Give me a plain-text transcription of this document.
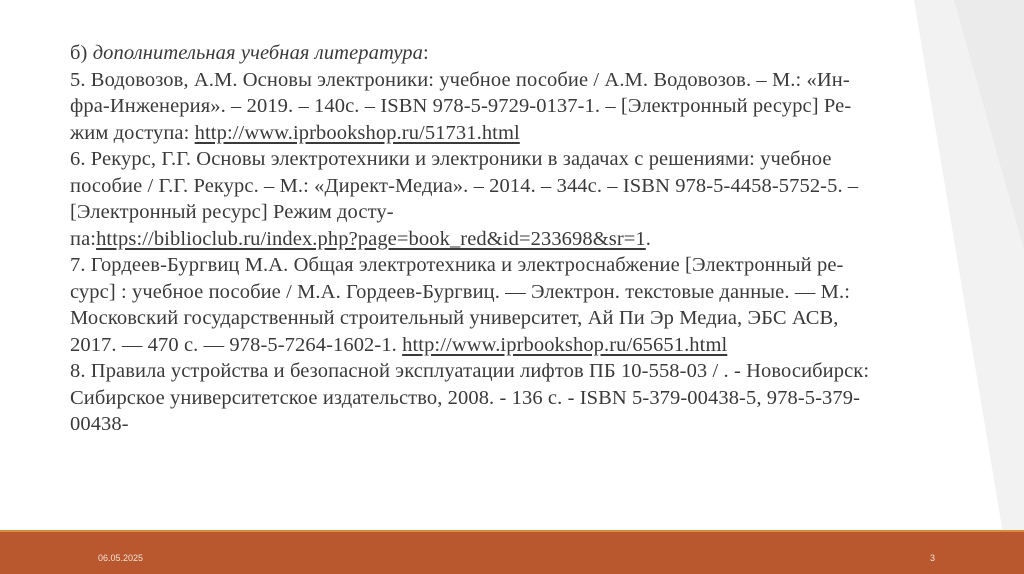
б) дополнительная учебная литература:
5. Водовозов, А.М. Основы электроники: учебное пособие / А.М. Водовозов. – М.: «Ин-
фра-Инженерия». – 2019. – 140с. – ISBN 978-5-9729-0137-1. – [Электронный ресурс] Ре-
жим доступа: http://www.iprbookshop.ru/51731.html
6. Рекурс, Г.Г. Основы электротехники и электроники в задачах с решениями: учебное
пособие / Г.Г. Рекурс. – М.: «Директ-Медиа». – 2014. – 344с. – ISBN 978-5-4458-5752-5. –
[Электронный ресурс] Режим досту-
па:https://biblioclub.ru/index.php?page=book_red&id=233698&sr=1.
7. Гордеев-Бургвиц М.А. Общая электротехника и электроснабжение [Электронный ре-
сурс] : учебное пособие / М.А. Гордеев-Бургвиц. — Электрон. текстовые данные. — М.:
Московский государственный строительный университет, Ай Пи Эр Медиа, ЭБС АСВ,
2017. — 470 с. — 978-5-7264-1602-1. http://www.iprbookshop.ru/65651.html
8. Правила устройства и безопасной эксплуатации лифтов ПБ 10-558-03 / . - Новосибирск:
Сибирское университетское издательство, 2008. - 136 с. - ISBN 5-379-00438-5, 978-5-379-
00438-
06.05.2025	3
